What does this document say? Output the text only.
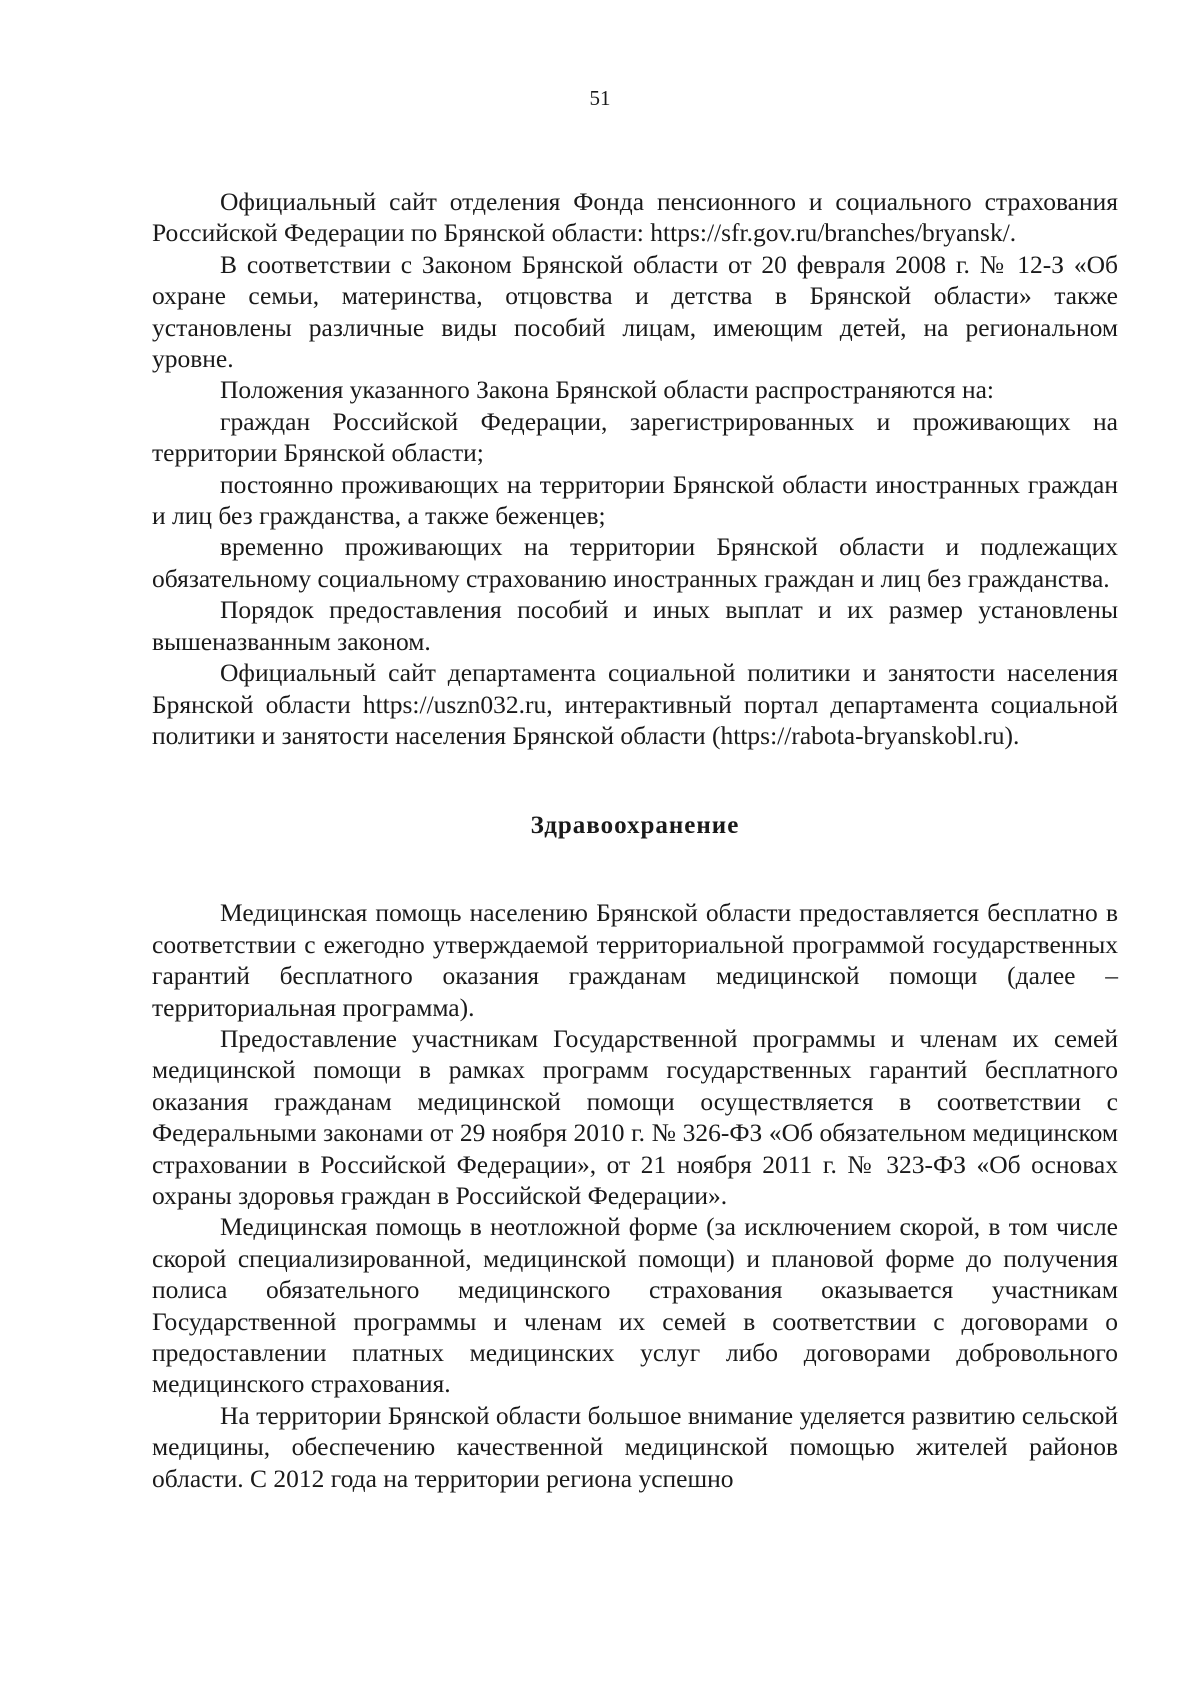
51

Официальный сайт отделения Фонда пенсионного и социального страхования Российской Федерации по Брянской области: https://sfr.gov.ru/branches/bryansk/.

В соответствии с Законом Брянской области от 20 февраля 2008 г. № 12-З «Об охране семьи, материнства, отцовства и детства в Брянской области» также установлены различные виды пособий лицам, имеющим детей, на региональном уровне.

Положения указанного Закона Брянской области распространяются на:

граждан Российской Федерации, зарегистрированных и проживающих на территории Брянской области;

постоянно проживающих на территории Брянской области иностранных граждан и лиц без гражданства, а также беженцев;

временно проживающих на территории Брянской области и подлежащих обязательному социальному страхованию иностранных граждан и лиц без гражданства.

Порядок предоставления пособий и иных выплат и их размер установлены вышеназванным законом.

Официальный сайт департамента социальной политики и занятости населения Брянской области https://uszn032.ru, интерактивный портал департамента социальной политики и занятости населения Брянской области (https://rabota-bryanskobl.ru).

Здравоохранение

Медицинская помощь населению Брянской области предоставляется бесплатно в соответствии с ежегодно утверждаемой территориальной программой государственных гарантий бесплатного оказания гражданам медицинской помощи (далее – территориальная программа).

Предоставление участникам Государственной программы и членам их семей медицинской помощи в рамках программ государственных гарантий бесплатного оказания гражданам медицинской помощи осуществляется в соответствии с Федеральными законами от 29 ноября 2010 г. № 326-ФЗ «Об обязательном медицинском страховании в Российской Федерации», от 21 ноября 2011 г. № 323-ФЗ «Об основах охраны здоровья граждан в Российской Федерации».

Медицинская помощь в неотложной форме (за исключением скорой, в том числе скорой специализированной, медицинской помощи) и плановой форме до получения полиса обязательного медицинского страхования оказывается участникам Государственной программы и членам их семей в соответствии с договорами о предоставлении платных медицинских услуг либо договорами добровольного медицинского страхования.

На территории Брянской области большое внимание уделяется развитию сельской медицины, обеспечению качественной медицинской помощью жителей районов области. С 2012 года на территории региона успешно
